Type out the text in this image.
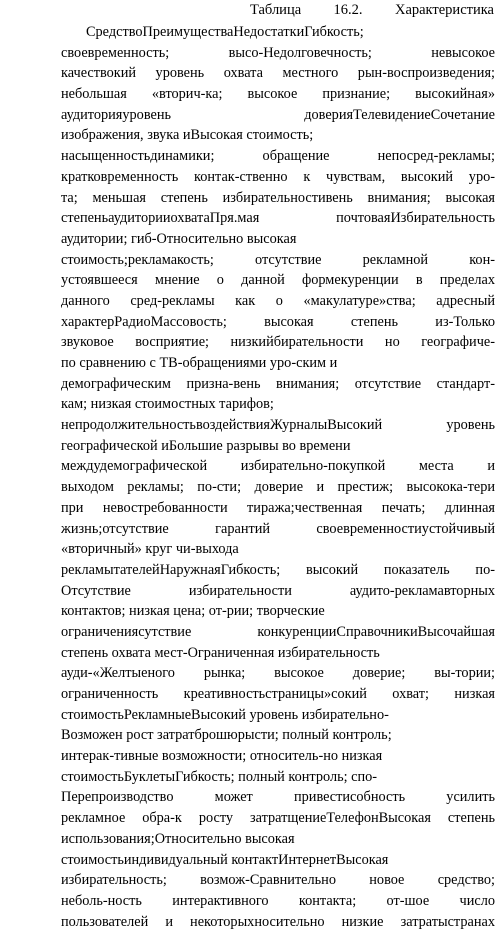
Таблица 16.2. Характеристика
СредствоПреимуществаНедостаткиГибкость;
своевременность; высо-Недолговечность; невысокое
качествокий уровень охвата местного рын-воспроизведения;
небольшая «вторич-ка; высокое признание; высокийная»
аудиторияуровень доверияТелевидениеСочетание
изображения, звука иВысокая стоимость;
насыщенностьдинамики; обращение непосред-рекламы;
кратковременность контак-ственно к чувствам, высокий уро-
та; меньшая степень избирательностивень внимания; высокая
степеньаудиторииохватаПря.мая почтоваяИзбирательность
аудитории; гиб-Относительно высокая
стоимость;рекламакость; отсутствие рекламной кон-
устоявшееся мнение о данной формекуренции в пределах
данного сред-рекламы как о «макулатуре»ства; адресный
характерРадиоМассовость; высокая степень из-Только
звуковое восприятие; низкийбирательности но географиче-
по сравнению с ТВ-обращениями уро-ским и
демографическим призна-вень внимания; отсутствие стандарт-
кам; низкая стоимостных тарифов;
непродолжительностьвоздействияЖурналыВысокий уровень
географической иБольшие разрывы во времени
междудемографической избирательно-покупкой места и
выходом рекламы; по-сти; доверие и престиж; высокока-тери
при невостребованности тиража;чественная печать; длинная
жизнь;отсутствие гарантий своевременностиустойчивый
«вторичный» круг чи-выхода
рекламытателейНаружнаяГибкость; высокий показатель по-
Отсутствие избирательности аудито-рекламавторных
контактов; низкая цена; от-рии; творческие
ограничениясутствие конкуренцииСправочникиВысочайшая
степень охвата мест-Ограниченная избирательность
ауди-«Желтыеного рынка; высокое доверие; вы-тории;
ограниченность креативностьстраницы»сокий охват; низкая
стоимостьРекламныеВысокий уровень избирательно-
Возможен рост затратброшюрысти; полный контроль;
интерак-тивные возможности; относитель-но низкая
стоимостьБуклетыГибкость; полный контроль; спо-
Перепроизводство может привестисобность усилить
рекламное обра-к росту затратщениеТелефонВысокая степень
использования;Относительно высокая
стоимостьиндивидуальный контактИнтернетВысокая
избирательность; возмож-Сравнительно новое средство;
неболь-ность интерактивного контакта; от-шое число
пользователей и некоторыхносительно низкие затратыстранах
